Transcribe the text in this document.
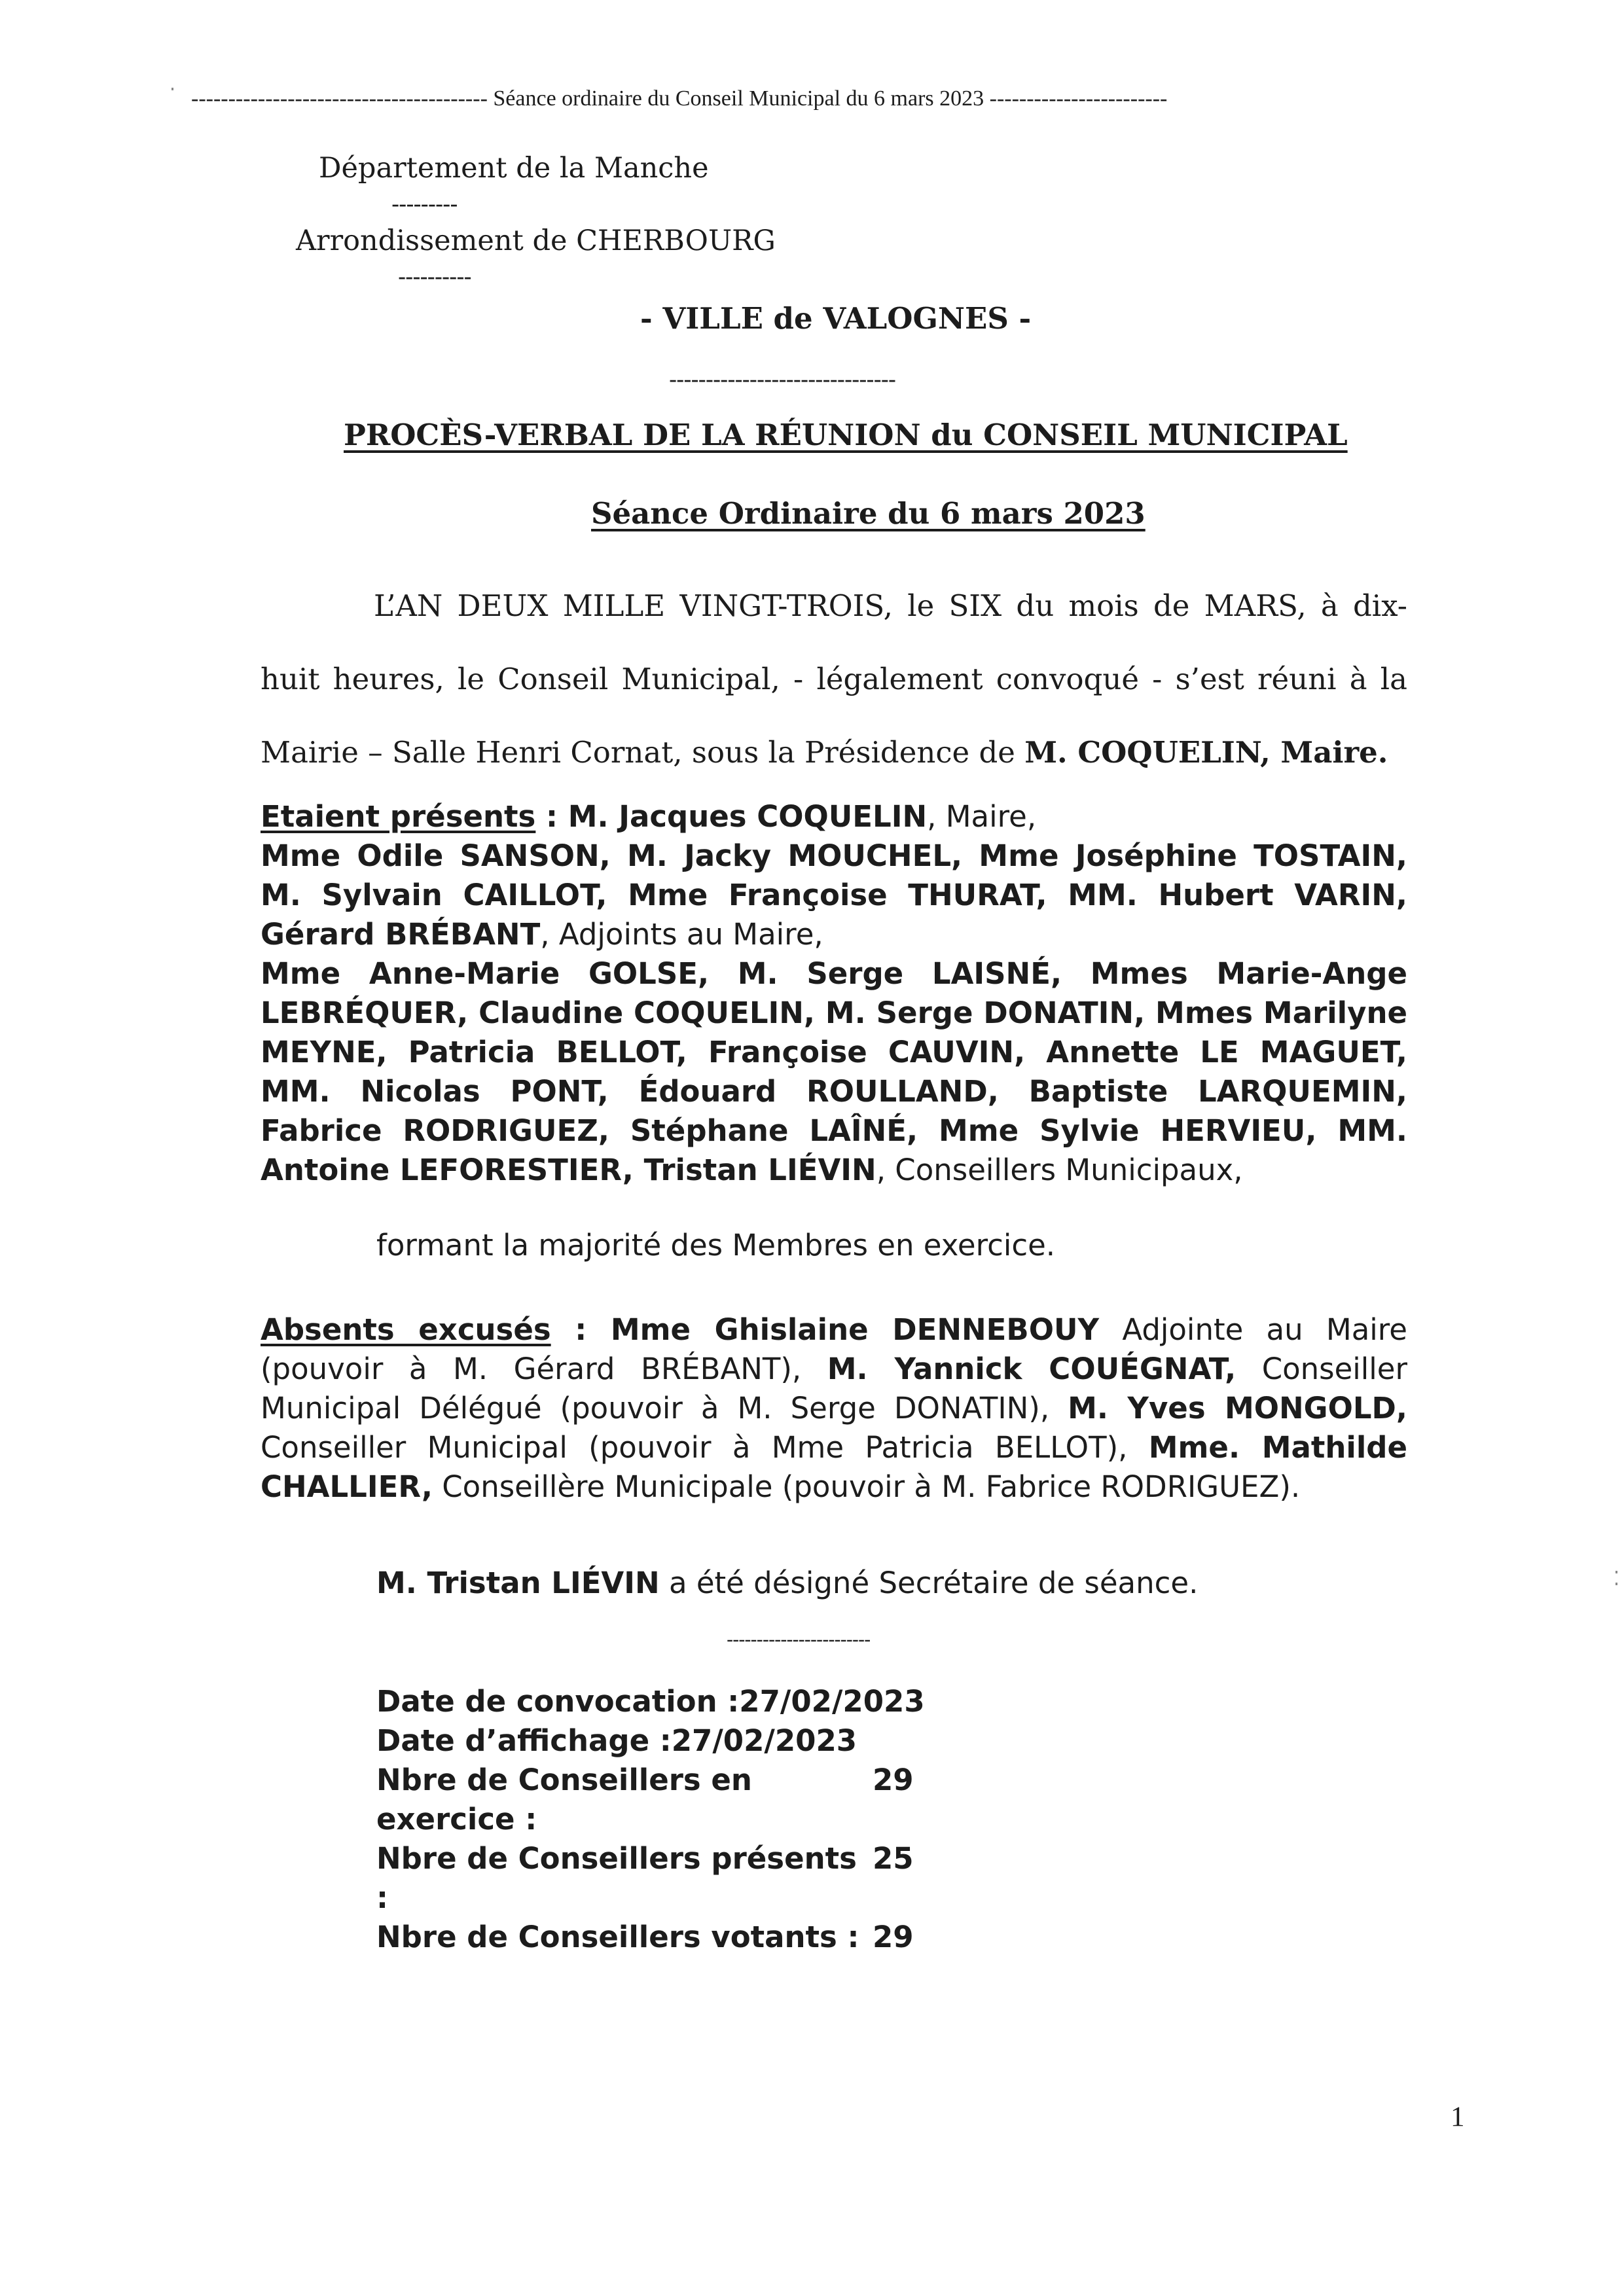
---------------------------------------- Séance ordinaire du Conseil Municipal du 6 mars 2023 ------------------------
Département de la Manche
---------
Arrondissement de CHERBOURG
----------
- VILLE de VALOGNES -
-------------------------------
PROCÈS-VERBAL DE LA RÉUNION du CONSEIL MUNICIPAL
Séance Ordinaire du 6 mars 2023
L’AN DEUX MILLE VINGT-TROIS, le SIX du mois de MARS, à dix-huit heures, le Conseil Municipal, - légalement convoqué - s’est réuni à la Mairie – Salle Henri Cornat, sous la Présidence de M. COQUELIN, Maire.

Etaient présents : M. Jacques COQUELIN, Maire,
Mme Odile SANSON, M. Jacky MOUCHEL, Mme Joséphine TOSTAIN, M. Sylvain CAILLOT, Mme Françoise THURAT, MM. Hubert VARIN, Gérard BRÉBANT, Adjoints au Maire,
Mme Anne-Marie GOLSE, M. Serge LAISNÉ, Mmes Marie-Ange LEBRÉQUER, Claudine COQUELIN, M. Serge DONATIN, Mmes Marilyne MEYNE, Patricia BELLOT, Françoise CAUVIN, Annette LE MAGUET, MM. Nicolas PONT, Édouard ROULLAND, Baptiste LARQUEMIN, Fabrice RODRIGUEZ, Stéphane LAÎNÉ, Mme Sylvie HERVIEU, MM. Antoine LEFORESTIER, Tristan LIÉVIN, Conseillers Municipaux,

formant la majorité des Membres en exercice.

Absents excusés : Mme Ghislaine DENNEBOUY Adjointe au Maire (pouvoir à M. Gérard BRÉBANT), M. Yannick COUÉGNAT, Conseiller Municipal Délégué (pouvoir à M. Serge DONATIN), M. Yves MONGOLD, Conseiller Municipal (pouvoir à Mme Patricia BELLOT), Mme. Mathilde CHALLIER, Conseillère Municipale (pouvoir à M. Fabrice RODRIGUEZ).

M. Tristan LIÉVIN a été désigné Secrétaire de séance.
------------------------
Date de convocation : 27/02/2023
Date d’affichage : 27/02/2023
Nbre de Conseillers en exercice :
29
Nbre de Conseillers présents :
25
Nbre de Conseillers votants : 29
1
